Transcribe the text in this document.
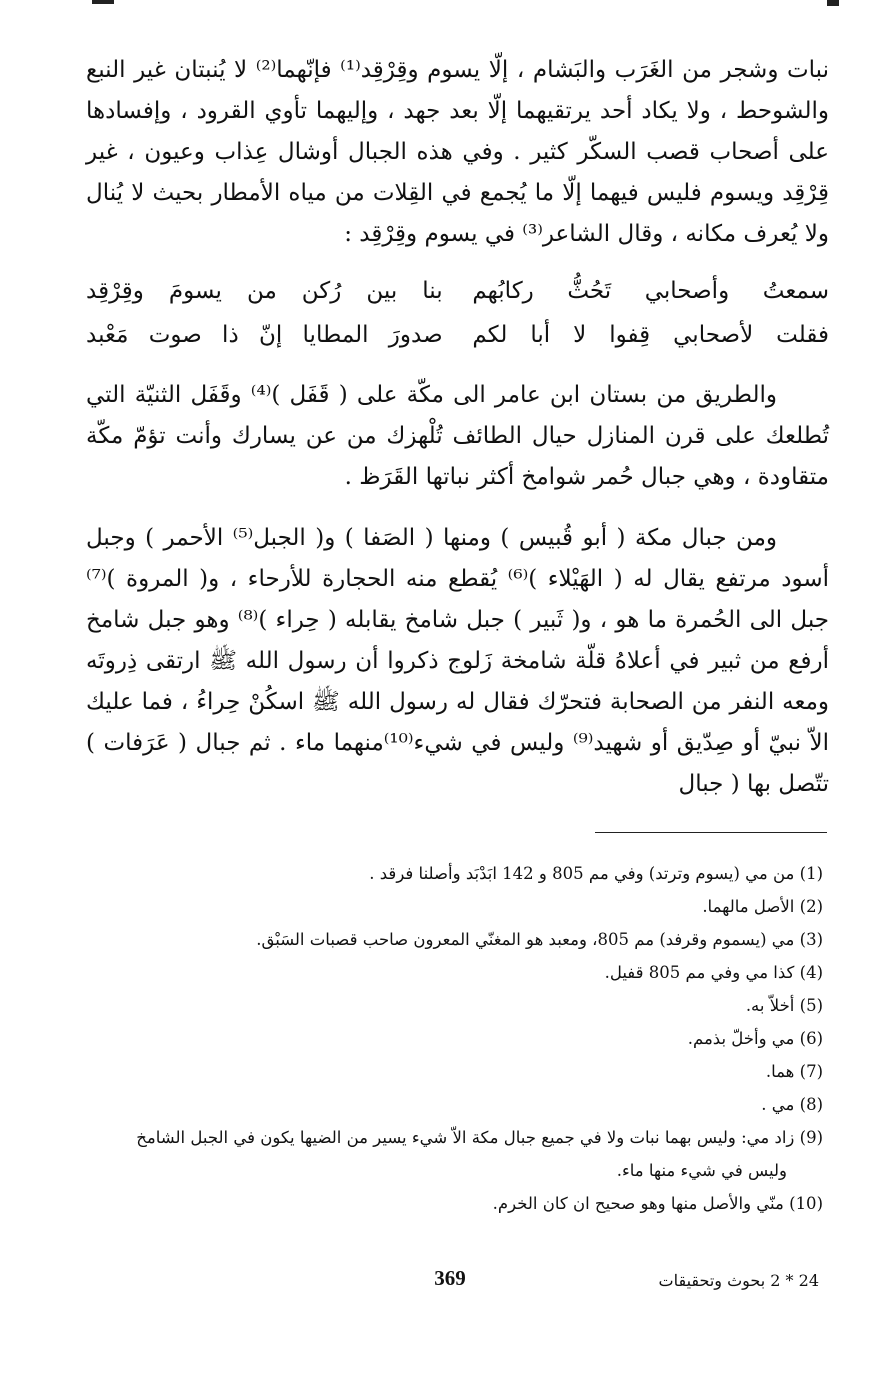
نبات وشجر من الغَرَب والبَشام ، إلّا يسوم وقِرْقِد⁽¹⁾ فإنّهما⁽²⁾ لا يُنبتان غير النبع والشوحط ، ولا يكاد أحد يرتقيهما إلّا بعد جهد ، وإليهما تأوي القرود ، وإفسادها على أصحاب قصب السكّر كثير . وفي هذه الجبال أوشال عِذاب وعيون ، غير قِرْقِد ويسوم فليس فيهما إلّا ما يُجمع في القِلات من مياه الأمطار بحيث لا يُنال ولا يُعرف مكانه ، وقال الشاعر⁽³⁾ في يسوم وقِرْقِد :

سمعتُ وأصحابي تَحُثُّ ركابُهم
بنا بين رُكن من يسومَ وقِرْقِد
فقلت لأصحابي قِفوا لا أبا لكم
صدورَ المطايا إنّ ذا صوت مَعْبد

والطريق من بستان ابن عامر الى مكّة على ( قَفَل )⁽⁴⁾ وقَفَل الثنيّة التي تُطلعك على قرن المنازل حيال الطائف تُلْهزك من عن يسارك وأنت تؤمّ مكّة متقاودة ، وهي جبال حُمر شوامخ أكثر نباتها القَرَظ .

ومن جبال مكة ( أبو قُبيس ) ومنها ( الصَفا ) و( الجبل⁽⁵⁾ الأحمر ) وجبل أسود مرتفع يقال له ( الهَيْلاء )⁽⁶⁾ يُقطع منه الحجارة للأرحاء ، و( المروة )⁽⁷⁾ جبل الى الحُمرة ما هو ، و( ثَبير ) جبل شامخ يقابله ( حِراء )⁽⁸⁾ وهو جبل شامخ أرفع من ثبير في أعلاهُ قلّة شامخة زَلوج ذكروا أن رسول الله ﷺ ارتقى ذِروتَه ومعه النفر من الصحابة فتحرّك فقال له رسول الله ﷺ اسكُنْ حِراءُ ، فما عليك الاّ نبيّ أو صِدّيق أو شهيد⁽⁹⁾ وليس في شيء⁽¹⁰⁾منهما ماء . ثم جبال ( عَرَفات ) تتّصل بها ( جبال

(1) من مي (يسوم وترتد) وفي مم 805 و 142 ابَدْبَد وأصلنا فرقد .

(2) الأصل مالهما.

(3) مي (يسموم وقرفد) مم 805، ومعبد هو المغنّي المعرون صاحب قصبات السَبْق.

(4) كذا مي وفي مم 805 قفيل.

(5) أخلاّ به.

(6) مي وأخلّ بذمم.

(7) هما.

(8) مي .

(9) زاد مي: وليس بهما نبات ولا في جميع جبال مكة الاّ شيء يسير من الضيها يكون في الجبل الشامخ

وليس في شيء منها ماء.

(10) منّي والأصل منها وهو صحيح ان كان الخرم.

369	24 * 2 بحوث وتحقيقات
